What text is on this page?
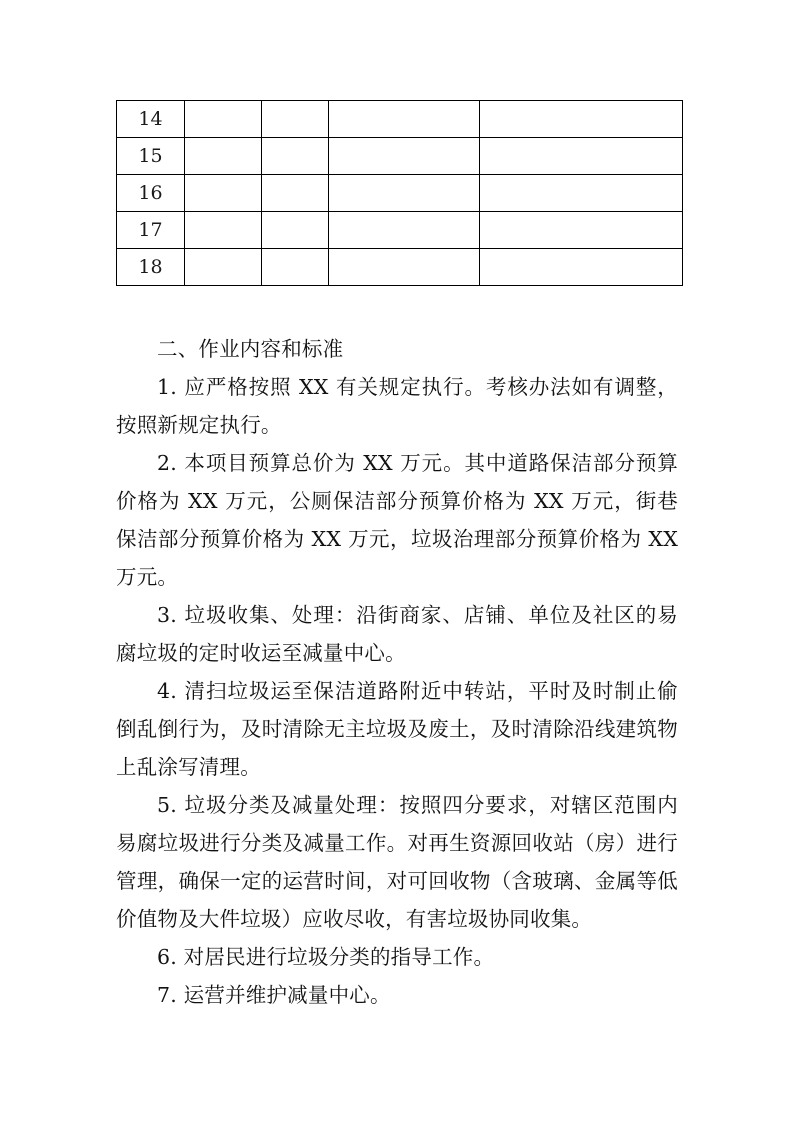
14				
15				
16				
17				
18				

二、作业内容和标准

1. 应严格按照 XX 有关规定执行。考核办法如有调整，按照新规定执行。

2. 本项目预算总价为 XX 万元。其中道路保洁部分预算价格为 XX 万元，公厕保洁部分预算价格为 XX 万元，街巷保洁部分预算价格为 XX 万元，垃圾治理部分预算价格为 XX 万元。

3. 垃圾收集、处理：沿街商家、店铺、单位及社区的易腐垃圾的定时收运至减量中心。

4. 清扫垃圾运至保洁道路附近中转站，平时及时制止偷倒乱倒行为，及时清除无主垃圾及废土，及时清除沿线建筑物上乱涂写清理。

5. 垃圾分类及减量处理：按照四分要求，对辖区范围内易腐垃圾进行分类及减量工作。对再生资源回收站（房）进行管理，确保一定的运营时间，对可回收物（含玻璃、金属等低价值物及大件垃圾）应收尽收，有害垃圾协同收集。

6. 对居民进行垃圾分类的指导工作。

7. 运营并维护减量中心。
